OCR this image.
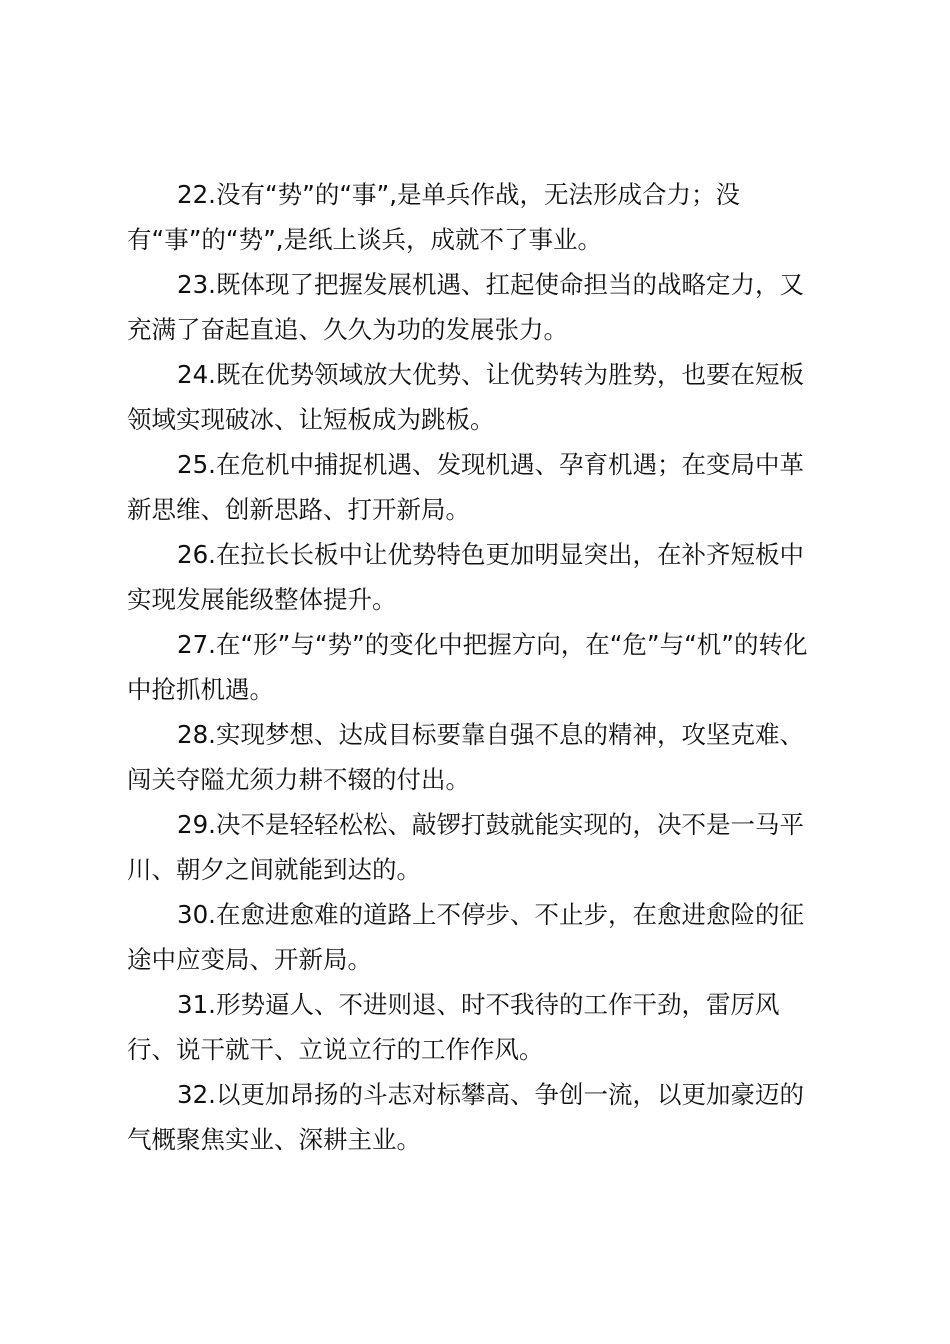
22.没有“势”的“事”,是单兵作战，无法形成合力；没
有“事”的“势”,是纸上谈兵，成就不了事业。

23.既体现了把握发展机遇、扛起使命担当的战略定力，又
充满了奋起直追、久久为功的发展张力。

24.既在优势领域放大优势、让优势转为胜势，也要在短板
领域实现破冰、让短板成为跳板。

25.在危机中捕捉机遇、发现机遇、孕育机遇；在变局中革
新思维、创新思路、打开新局。

26.在拉长长板中让优势特色更加明显突出，在补齐短板中
实现发展能级整体提升。

27.在“形”与“势”的变化中把握方向，在“危”与“机”的转化
中抢抓机遇。

28.实现梦想、达成目标要靠自强不息的精神，攻坚克难、
闯关夺隘尤须力耕不辍的付出。

29.决不是轻轻松松、敲锣打鼓就能实现的，决不是一马平
川、朝夕之间就能到达的。

30.在愈进愈难的道路上不停步、不止步，在愈进愈险的征
途中应变局、开新局。

31.形势逼人、不进则退、时不我待的工作干劲，雷厉风
行、说干就干、立说立行的工作作风。

32.以更加昂扬的斗志对标攀高、争创一流，以更加豪迈的
气概聚焦实业、深耕主业。
